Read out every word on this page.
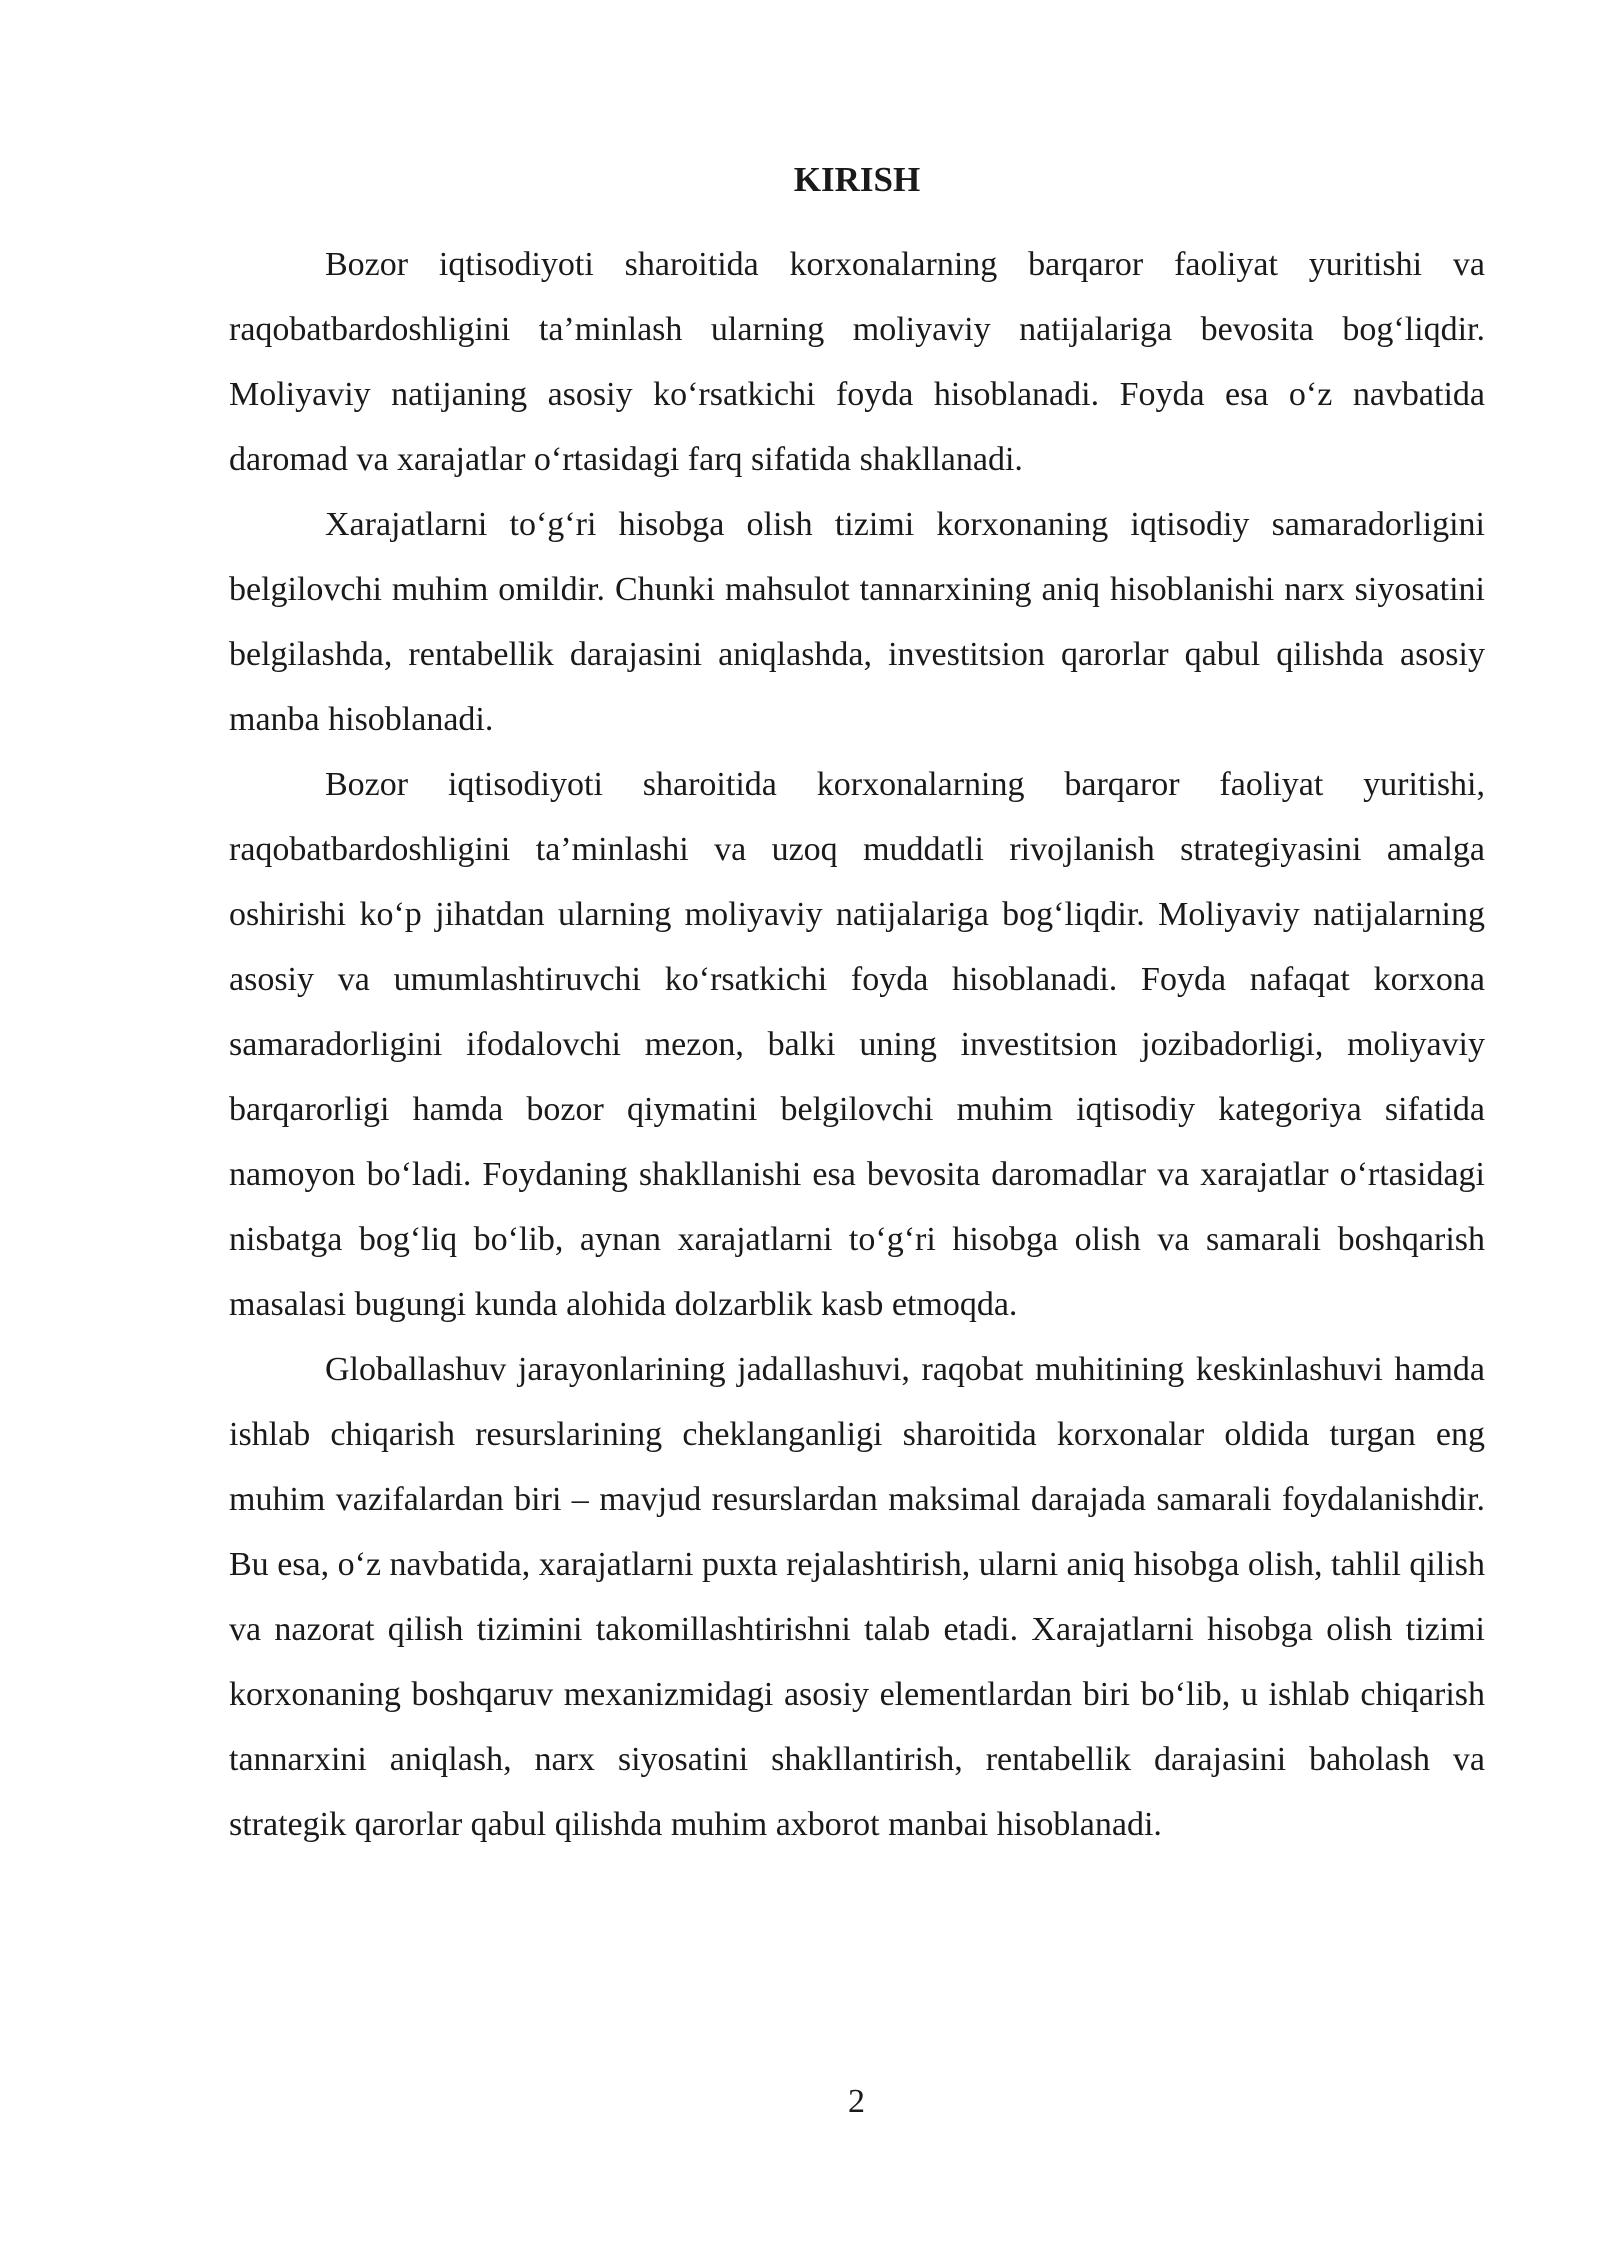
KIRISH

Bozor iqtisodiyoti sharoitida korxonalarning barqaror faoliyat yuritishi va raqobatbardoshligini ta’minlash ularning moliyaviy natijalariga bevosita bog‘liqdir. Moliyaviy natijaning asosiy ko‘rsatkichi foyda hisoblanadi. Foyda esa o‘z navbatida daromad va xarajatlar o‘rtasidagi farq sifatida shakllanadi.

Xarajatlarni to‘g‘ri hisobga olish tizimi korxonaning iqtisodiy samaradorligini belgilovchi muhim omildir. Chunki mahsulot tannarxining aniq hisoblanishi narx siyosatini belgilashda, rentabellik darajasini aniqlashda, investitsion qarorlar qabul qilishda asosiy manba hisoblanadi.

Bozor iqtisodiyoti sharoitida korxonalarning barqaror faoliyat yuritishi, raqobatbardoshligini ta’minlashi va uzoq muddatli rivojlanish strategiyasini amalga oshirishi ko‘p jihatdan ularning moliyaviy natijalariga bog‘liqdir. Moliyaviy natijalarning asosiy va umumlashtiruvchi ko‘rsatkichi foyda hisoblanadi. Foyda nafaqat korxona samaradorligini ifodalovchi mezon, balki uning investitsion jozibadorligi, moliyaviy barqarorligi hamda bozor qiymatini belgilovchi muhim iqtisodiy kategoriya sifatida namoyon bo‘ladi. Foydaning shakllanishi esa bevosita daromadlar va xarajatlar o‘rtasidagi nisbatga bog‘liq bo‘lib, aynan xarajatlarni to‘g‘ri hisobga olish va samarali boshqarish masalasi bugungi kunda alohida dolzarblik kasb etmoqda.

Globallashuv jarayonlarining jadallashuvi, raqobat muhitining keskinlashuvi hamda ishlab chiqarish resurslarining cheklanganligi sharoitida korxonalar oldida turgan eng muhim vazifalardan biri – mavjud resurslardan maksimal darajada samarali foydalanishdir. Bu esa, o‘z navbatida, xarajatlarni puxta rejalashtirish, ularni aniq hisobga olish, tahlil qilish va nazorat qilish tizimini takomillashtirishni talab etadi. Xarajatlarni hisobga olish tizimi korxonaning boshqaruv mexanizmidagi asosiy elementlardan biri bo‘lib, u ishlab chiqarish tannarxini aniqlash, narx siyosatini shakllantirish, rentabellik darajasini baholash va strategik qarorlar qabul qilishda muhim axborot manbai hisoblanadi.

2
